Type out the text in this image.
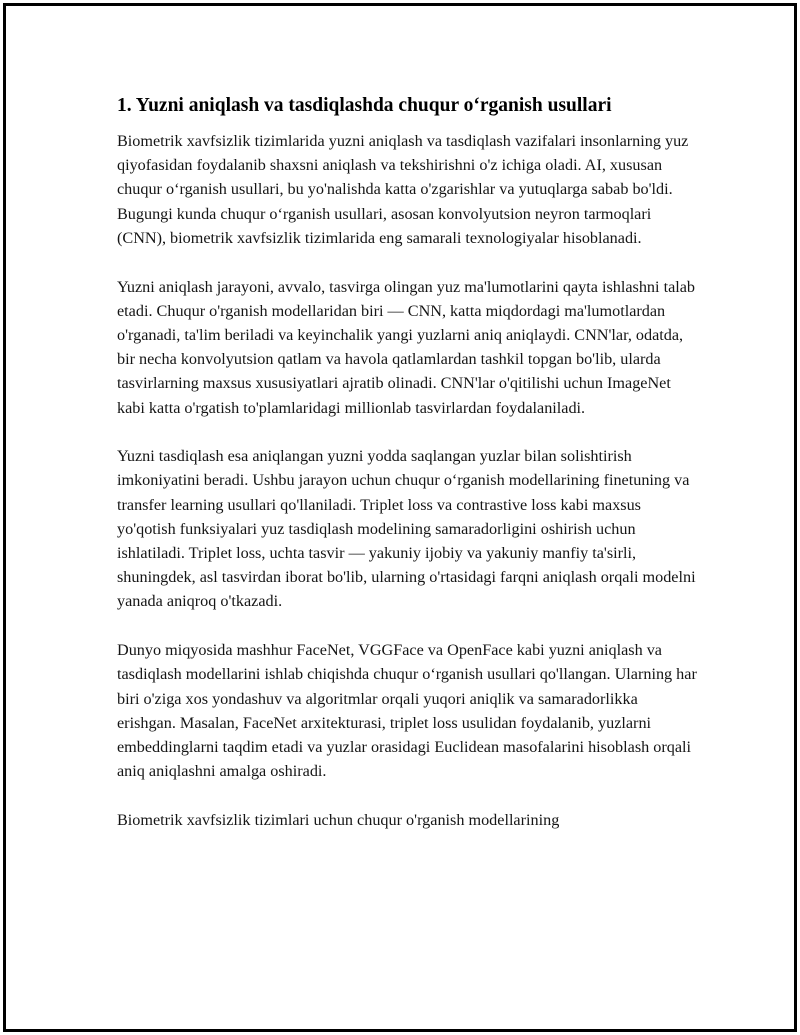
1. Yuzni aniqlash va tasdiqlashda chuqur o‘rganish usullari

Biometrik xavfsizlik tizimlarida yuzni aniqlash va tasdiqlash vazifalari insonlarning yuz qiyofasidan foydalanib shaxsni aniqlash va tekshirishni o'z ichiga oladi. AI, xususan chuqur o‘rganish usullari, bu yo'nalishda katta o'zgarishlar va yutuqlarga sabab bo'ldi. Bugungi kunda chuqur o‘rganish usullari, asosan konvolyutsion neyron tarmoqlari (CNN), biometrik xavfsizlik tizimlarida eng samarali texnologiyalar hisoblanadi.

Yuzni aniqlash jarayoni, avvalo, tasvirga olingan yuz ma'lumotlarini qayta ishlashni talab etadi. Chuqur o'rganish modellaridan biri — CNN, katta miqdordagi ma'lumotlardan o'rganadi, ta'lim beriladi va keyinchalik yangi yuzlarni aniq aniqlaydi. CNN'lar, odatda, bir necha konvolyutsion qatlam va havola qatlamlardan tashkil topgan bo'lib, ularda tasvirlarning maxsus xususiyatlari ajratib olinadi. CNN'lar o'qitilishi uchun ImageNet kabi katta o'rgatish to'plamlaridagi millionlab tasvirlardan foydalaniladi.

Yuzni tasdiqlash esa aniqlangan yuzni yodda saqlangan yuzlar bilan solishtirish imkoniyatini beradi. Ushbu jarayon uchun chuqur o‘rganish modellarining finetuning va transfer learning usullari qo'llaniladi. Triplet loss va contrastive loss kabi maxsus yo'qotish funksiyalari yuz tasdiqlash modelining samaradorligini oshirish uchun ishlatiladi. Triplet loss, uchta tasvir — yakuniy ijobiy va yakuniy manfiy ta'sirli, shuningdek, asl tasvirdan iborat bo'lib, ularning o'rtasidagi farqni aniqlash orqali modelni yanada aniqroq o'tkazadi.

Dunyo miqyosida mashhur FaceNet, VGGFace va OpenFace kabi yuzni aniqlash va tasdiqlash modellarini ishlab chiqishda chuqur o‘rganish usullari qo'llangan. Ularning har biri o'ziga xos yondashuv va algoritmlar orqali yuqori aniqlik va samaradorlikka erishgan. Masalan, FaceNet arxitekturasi, triplet loss usulidan foydalanib, yuzlarni embeddinglarni taqdim etadi va yuzlar orasidagi Euclidean masofalarini hisoblash orqali aniq aniqlashni amalga oshiradi.

Biometrik xavfsizlik tizimlari uchun chuqur o'rganish modellarining
